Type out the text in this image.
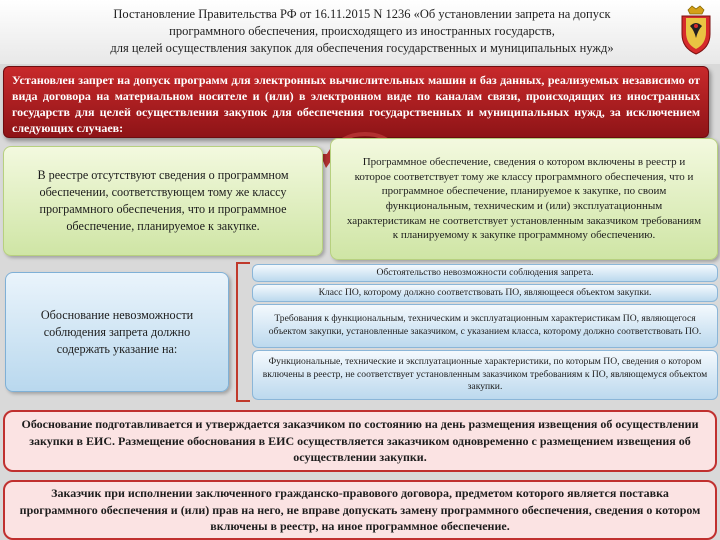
Постановление Правительства РФ от 16.11.2015 N 1236 «Об установлении запрета на допуск
программного обеспечения, происходящего из иностранных государств,
для целей осуществления закупок для обеспечения государственных и муниципальных нужд»

Установлен запрет на допуск программ для электронных вычислительных машин и баз данных, реализуемых независимо от вида договора на материальном носителе и (или) в электронном виде по каналам связи, происходящих из иностранных государств для целей осуществления закупок для обеспечения государственных и муниципальных нужд, за исключением следующих случаев:

В реестре отсутствуют сведения о программном обеспечении, соответствующем тому же классу программного обеспечения, что и программное обеспечение, планируемое к закупке.
Программное обеспечение, сведения о котором включены в реестр и которое соответствует тому же классу программного обеспечения, что и программное обеспечение, планируемое к закупке, по своим функциональным, техническим и (или) эксплуатационным характеристикам не соответствует установленным заказчиком требованиям к планируемому к закупке программному обеспечению.
Обоснование невозможности соблюдения запрета должно содержать указание на:
Обстоятельство невозможности соблюдения запрета.
Класс ПО, которому должно соответствовать ПО, являющееся объектом закупки.
Требования к функциональным, техническим и эксплуатационным характеристикам ПО, являющегося объектом закупки, установленные заказчиком, с указанием класса, которому должно соответствовать ПО.
Функциональные, технические и эксплуатационные характеристики, по которым ПО, сведения о котором включены в реестр, не соответствует установленным заказчиком требованиям к ПО, являющемуся объектом закупки.
Обоснование подготавливается и утверждается заказчиком по состоянию на день размещения извещения об осуществлении закупки в ЕИС. Размещение обоснования в ЕИС осуществляется заказчиком одновременно с размещением извещения об осуществлении закупки.
Заказчик при исполнении заключенного гражданско-правового договора, предметом которого является поставка программного обеспечения и (или) прав на него, не вправе допускать замену программного обеспечения, сведения о котором включены в реестр, на иное программное обеспечение.
